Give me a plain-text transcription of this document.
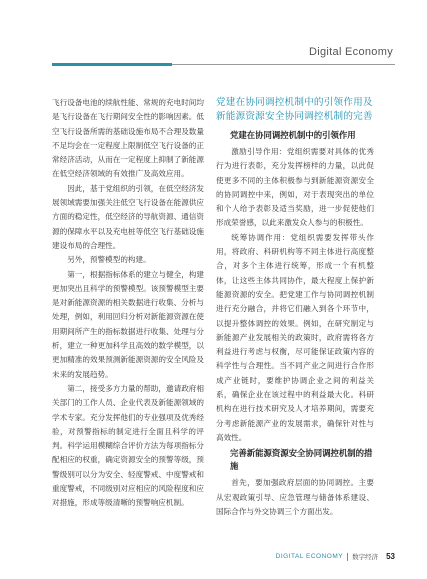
Digital Economy

飞行设备电池的续航性能、常规的充电时间均是飞行设备在飞行期间安全性的影响因素。低空飞行设备所需的基础设施布局不合理及数量不足均会在一定程度上限制低空飞行设备的正常经济活动，从而在一定程度上抑制了新能源在低空经济领域的有效推广及高效应用。

因此，基于党组织的引领，在低空经济发展领域需要加强关注低空飞行设备在能源供应方面的稳定性，低空经济的导航资源、通信资源的保障水平以及充电桩等低空飞行基础设施建设布局的合理性。

另外，预警模型的构建。

第一，根据指标体系的建立与健全，构建更加突出且科学的预警模型。该预警模型主要是对新能源资源的相关数据进行收集、分析与处理，例如，利用回归分析对新能源资源在使用期间所产生的指标数据进行收集、处理与分析，建立一种更加科学且高效的数学模型，以更加精准的效果预测新能源资源的安全风险及未来的发展趋势。

第二，接受多方力量的帮助，邀请政府相关部门的工作人员、企业代表及新能源领域的学术专家。充分发挥他们的专业强项及优秀经验，对预警指标的制定进行全面且科学的评判。科学运用模糊综合评价方法为每项指标分配相应的权重，确定资源安全的预警等级，预警级别可以分为安全、轻度警戒、中度警戒和重度警戒，不同级别对应相应的风险程度和应对措施，形成等级清晰的预警响应机制。

党建在协同调控机制中的引领作用及新能源资源安全协同调控机制的完善
党建在协同调控机制中的引领作用

激励引导作用：党组织需要对具体的优秀行为进行表彰，充分发挥榜样的力量，以此促使更多不同的主体积极参与到新能源资源安全的协同调控中来，例如，对于表现突出的单位和个人给予表彰及适当奖励，进一步促使他们形成荣誉感，以此来激发众人参与的积极性。

统筹协调作用：党组织需要发挥带头作用，将政府、科研机构等不同主体进行高度整合，对多个主体进行统筹，形成一个有机整体，让这些主体共同协作，最大程度上保护新能源资源的安全。把党建工作与协同调控机制进行充分融合，并将它们融入到各个环节中，以提升整体调控的效果。例如，在研究制定与新能源产业发展相关的政策时，政府需将各方利益进行考虑与权衡，尽可能保证政策内容的科学性与合理性。当不同产业之间进行合作形成产业链时，要维护协调企业之间的利益关系，确保企业在该过程中的利益最大化。科研机构在进行技术研究及人才培养期间，需要充分考虑新能源产业的发展需求，确保针对性与高效性。

完善新能源资源安全协同调控机制的措施

首先，要加强政府层面的协同调控。主要从宏观政策引导、应急管理与储备体系建设、国际合作与外交协调三个方面出发。

DIGITAL ECONOMY 数字经济 53
